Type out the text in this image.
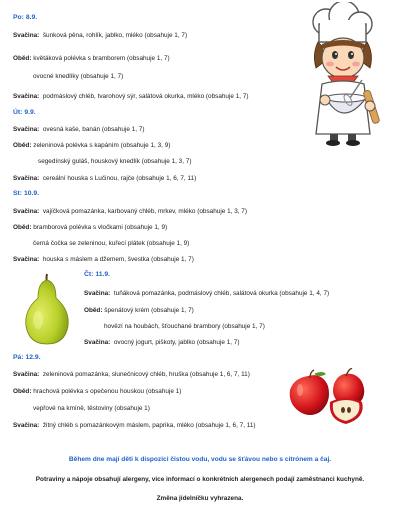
Po: 8.9.
Svačina: šunková pěna, rohlík, jablko, mléko (obsahuje 1, 7)
Oběd: květáková polévka s bramborem (obsahuje 1, 7)
ovocné knedlíky (obsahuje 1, 7)
Svačina: podmáslový chléb, tvarohový sýr, salátová okurka, mléko (obsahuje 1, 7)
Út: 9.9.
Svačina: ovesná kaše, banán (obsahuje 1, 7)
Oběd: zeleninová polévka s kapáním (obsahuje 1, 3, 9)
segedínský guláš, houskový knedlík (obsahuje 1, 3, 7)
Svačina: cereální houska s Lučinou, rajče (obsahuje 1, 6, 7, 11)
St: 10.9.
Svačina: vajíčková pomazánka, karbovaný chléb, mrkev, mléko (obsahuje 1, 3, 7)
Oběd: bramborová polévka s vločkami (obsahuje 1, 9)
černá čočka se zeleninou, kuřecí plátek (obsahuje 1, 9)
Svačina: houska s máslem a džemem, švestka (obsahuje 1, 7)
Čt: 11.9.
Svačina: tuňáková pomazánka, podmáslový chléb, salátová okurka (obsahuje 1, 4, 7)
Oběd: špenátový krém (obsahuje 1, 7)
hovězí na houbách, šťouchané brambory (obsahuje 1, 7)
Svačina: ovocný jogurt, piškoty, jablko (obsahuje 1, 7)
Pá: 12.9.
Svačina: zeleninová pomazánka, slunečnicový chléb, hruška (obsahuje 1, 6, 7, 11)
Oběd: hrachová polévka s opečenou houskou (obsahuje 1)
vepřové na kmíně, těstoviny (obsahuje 1)
Svačina: žitný chléb s pomazánkovým máslem, paprika, mléko (obsahuje 1, 6, 7, 11)
Během dne mají děti k dispozici čistou vodu, vodu se šťávou nebo s citrónem a čaj.
Potraviny a nápoje obsahují alergeny, více informací o konkrétních alergenech podají zaměstnanci kuchyně.
Změna jídelníčku vyhrazena.
